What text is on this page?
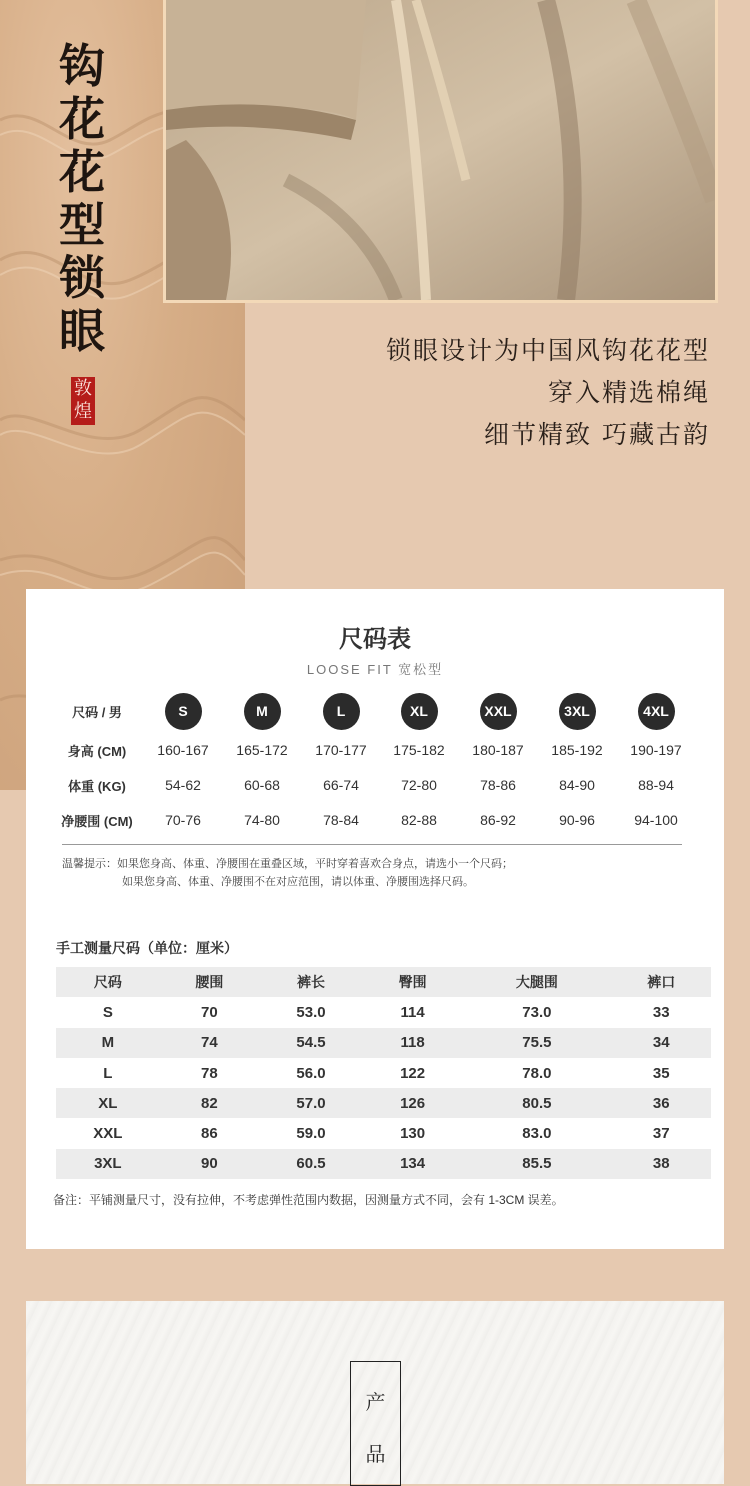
钩
花
花
型
锁
眼
敦
煌
锁眼设计为中国风钩花花型
穿入精选棉绳
细节精致 巧藏古韵
尺码表
LOOSE FIT 宽松型
尺码 / 男	S	M	L	XL	XXL	3XL	4XL
身高 (CM)	160-167	165-172	170-177	175-182	180-187	185-192	190-197
体重 (KG)	54-62	60-68	66-74	72-80	78-86	84-90	88-94
净腰围 (CM)	70-76	74-80	78-84	82-88	86-92	90-96	94-100
温馨提示：如果您身高、体重、净腰围在重叠区域，平时穿着喜欢合身点，请选小一个尺码；
如果您身高、体重、净腰围不在对应范围，请以体重、净腰围选择尺码。
手工测量尺码（单位：厘米）
尺码	腰围	裤长	臀围	大腿围	裤口
S	70	53.0	114	73.0	33
M	74	54.5	118	75.5	34
L	78	56.0	122	78.0	35
XL	82	57.0	126	80.5	36
XXL	86	59.0	130	83.0	37
3XL	90	60.5	134	85.5	38
备注：平铺测量尺寸，没有拉伸，不考虑弹性范围内数据，因测量方式不同，会有 1-3CM 误差。
产
品
